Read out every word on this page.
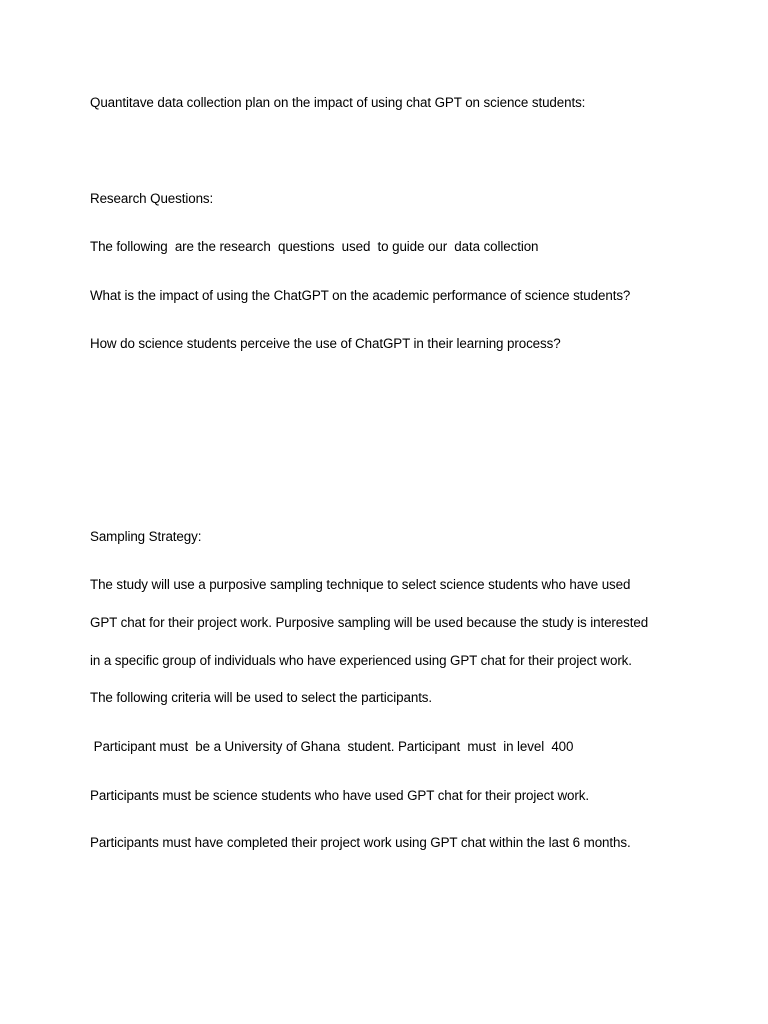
Quantitave data collection plan on the impact of using chat GPT on science students:

Research Questions:

The following  are the research  questions  used  to guide our  data collection

What is the impact of using the ChatGPT on the academic performance of science students?

How do science students perceive the use of ChatGPT in their learning process?

Sampling Strategy:

The study will use a purposive sampling technique to select science students who have used

GPT chat for their project work. Purposive sampling will be used because the study is interested

in a specific group of individuals who have experienced using GPT chat for their project work.

The following criteria will be used to select the participants.

Participant must  be a University of Ghana  student. Participant  must  in level  400

Participants must be science students who have used GPT chat for their project work.

Participants must have completed their project work using GPT chat within the last 6 months.
